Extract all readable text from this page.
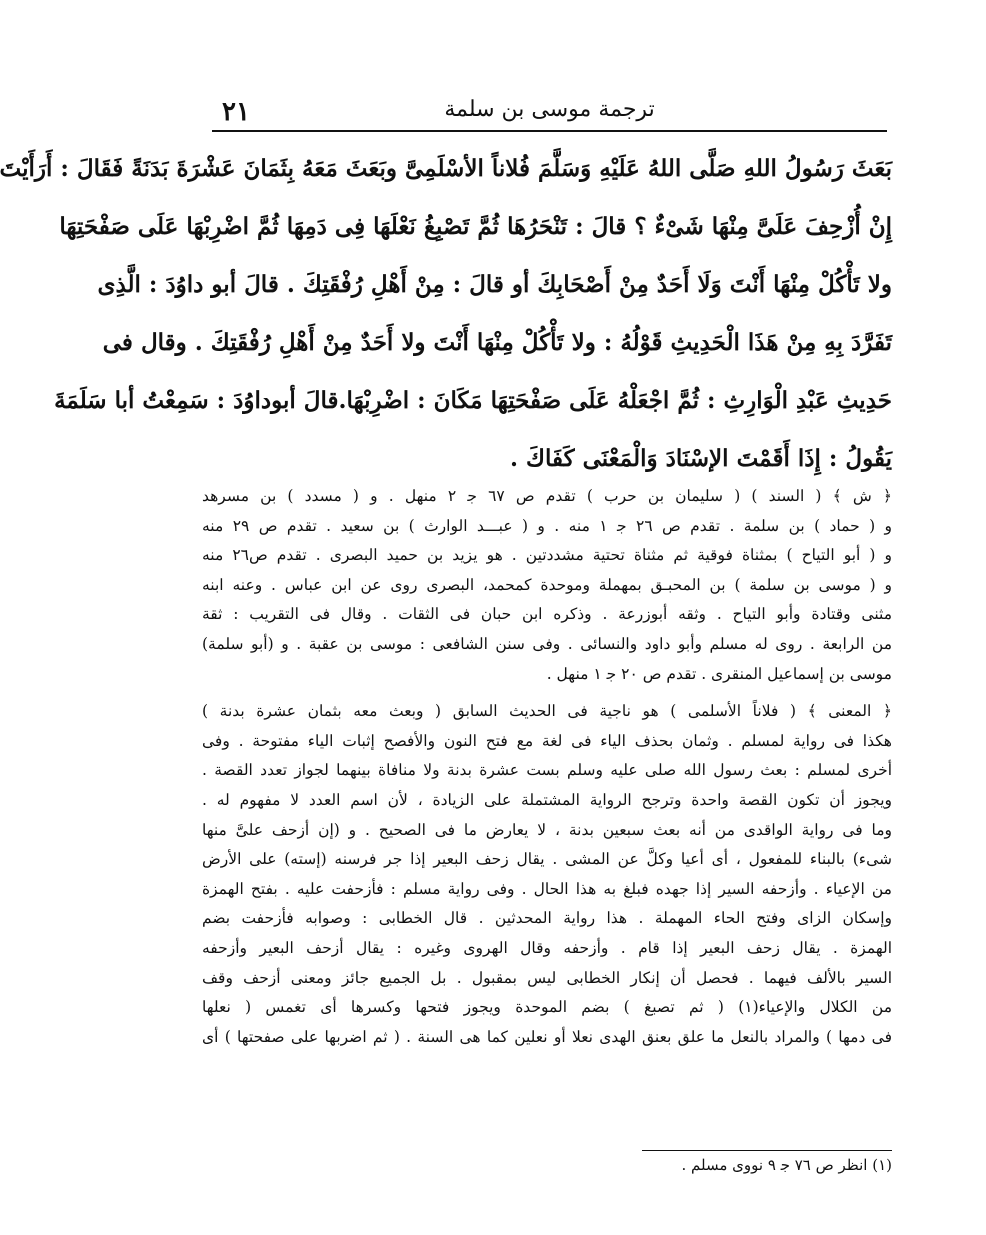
٢١	ترجمة موسى بن سلمة
بَعَثَ رَسُولُ اللهِ صَلَّى اللهُ عَلَيْهِ وَسَلَّمَ فُلاناً الأسْلَمِىَّ وبَعَثَ مَعَهُ بِثَمَانَ عَشْرَةَ بَدَنَةً فَقَالَ : أَرَأَيْتَ
إِنْ أُزْحِفَ عَلَىَّ مِنْهَا شَىْءٌ ؟ قالَ : تَنْحَرُهَا ثُمَّ تَصْبِغُ نَعْلَهَا فِى دَمِهَا ثُمَّ اضْرِبْهَا عَلَى صَفْحَتِهَا
ولا تَأْكُلْ مِنْهَا أَنْتَ وَلَا أَحَدٌ مِنْ أَصْحَابِكَ أو قالَ : مِنْ أَهْلِ رُفْقَتِكَ . قالَ أبو داوُدَ : الَّذِى
تَفَرَّدَ بِهِ مِنْ هَذَا الْحَدِيثِ قَوْلُهُ : ولا تَأْكُلْ مِنْهَا أَنْتَ ولا أَحَدٌ مِنْ أَهْلِ رُفْقَتِكَ . وقال فى
حَدِيثِ عَبْدِ الْوَارِثِ : ثُمَّ اجْعَلْهُ عَلَى صَفْحَتِهَا مَكَانَ : اضْرِبْهَا.قالَ أبوداوُدَ : سَمِعْتُ أبا سَلَمَةَ
يَقُولُ : إِذَا أَقَمْتَ الإسْنَادَ وَالْمَعْنَى كَفَاكَ .
﴿ ش ﴾ ( السند ) ( سليمان بن حرب ) تقدم ص ٦٧ ﺟ ٢ منهل . و ( مسدد ) بن مسرهد
و ( حماد ) بن سلمة . تقدم ص ٢٦ ﺟ ١ منه . و ( عبـــد الوارث ) بن سعيد . تقدم ص ٢٩ منه
و ( أبو التياح ) بمثناة فوقية ثم مثناة تحتية مشددتين . هو يزيد بن حميد البصرى . تقدم ص٢٦ منه
و ( موسى بن سلمة ) بن المحبـق بمهملة وموحدة كمحمد، البصرى روى عن ابن عباس . وعنه ابنه
مثنى وقتادة وأبو التياح . وثقه أبوزرعة . وذكره ابن حبان فى الثقات . وقال فى التقريب : ثقة
من الرابعة . روى له مسلم وأبو داود والنسائى . وفى سنن الشافعى : موسى بن عقبة . و (أبو سلمة)
موسى بن إسماعيل المنقرى . تقدم ص ٢٠ ﺟ ١ منهل .
﴿ المعنى ﴾ ( فلاناً الأسلمى ) هو ناجية فى الحديث السابق ( وبعث معه بثمان عشرة بدنة )
هكذا فى رواية لمسلم . وثمان بحذف الياء فى لغة مع فتح النون والأفصح إثبات الياء مفتوحة . وفى
أخرى لمسلم : بعث رسول الله صلى عليه وسلم بست عشرة بدنة ولا منافاة بينهما لجواز تعدد القصة .
ويجوز أن تكون القصة واحدة وترجح الرواية المشتملة على الزيادة ، لأن اسم العدد لا مفهوم له .
وما فى رواية الواقدى من أنه بعث سبعين بدنة ، لا يعارض ما فى الصحيح . و (إن أزحف علىَّ منها
شىء) بالبناء للمفعول ، أى أعيا وكلَّ عن المشى . يقال زحف البعير إذا جر فرسنه (إسته) على الأرض
من الإعياء . وأزحفه السير إذا جهده فبلغ به هذا الحال . وفى رواية مسلم : فأزحفت عليه . بفتح الهمزة
وإسكان الزاى وفتح الحاء المهملة . هذا رواية المحدثين . قال الخطابى : وصوابه فأزحفت بضم
الهمزة . يقال زحف البعير إذا قام . وأزحفه وقال الهروى وغيره : يقال أزحف البعير وأزحفه
السير بالألف فيهما . فحصل أن إنكار الخطابى ليس بمقبول . بل الجميع جائز ومعنى أزحف وقف
من الكلال والإعياء(١) ( ثم تصبغ ) بضم الموحدة ويجوز فتحها وكسرها أى تغمس ( نعلها
فى دمها ) والمراد بالنعل ما علق بعنق الهدى نعلا أو نعلين كما هى السنة . ( ثم اضربها على صفحتها ) أى
(١) انظر ص ٧٦ ﺟ ٩ نووى مسلم .
